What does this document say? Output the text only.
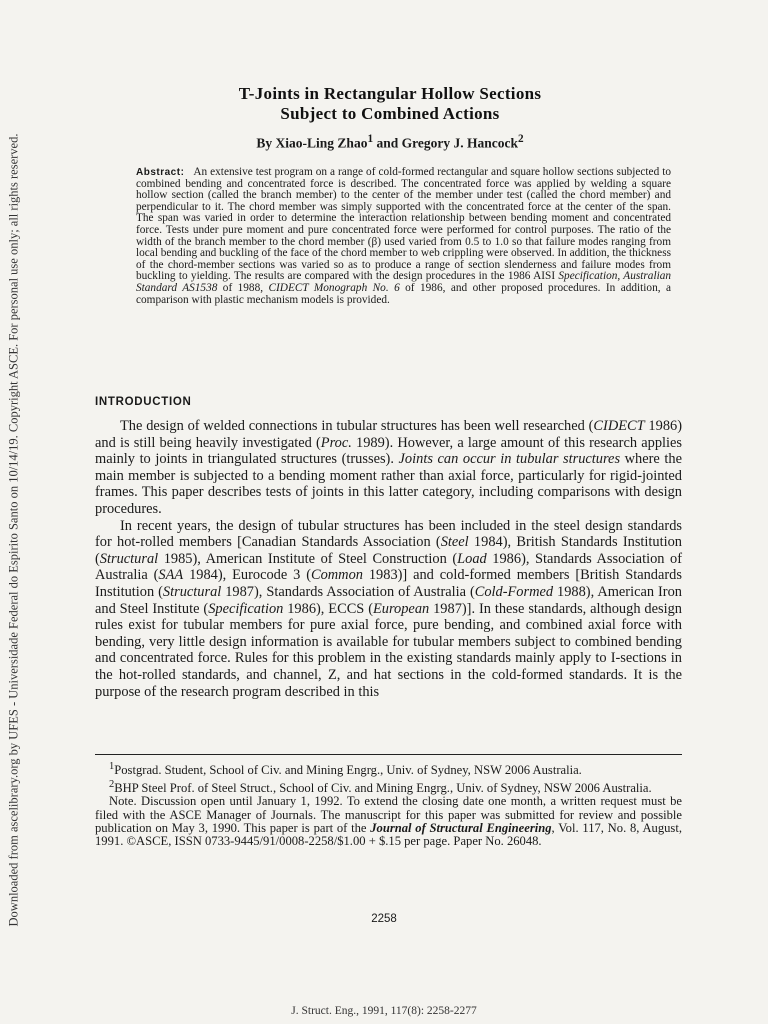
Downloaded from ascelibrary.org by UFES - Universidade Federal do Espirito Santo on 10/14/19. Copyright ASCE. For personal use only; all rights reserved.
T-Joints in Rectangular Hollow Sections
Subject to Combined Actions
By Xiao-Ling Zhao$^1$ and Gregory J. Hancock$^2$
Abstract: An extensive test program on a range of cold-formed rectangular and square hollow sections subjected to combined bending and concentrated force is described. The concentrated force was applied by welding a square hollow section (called the branch member) to the center of the member under test (called the chord member) and perpendicular to it. The chord member was simply supported with the concentrated force at the center of the span. The span was varied in order to determine the interaction relationship between bending moment and concentrated force. Tests under pure moment and pure concentrated force were performed for control purposes. The ratio of the width of the branch member to the chord member (β) used varied from 0.5 to 1.0 so that failure modes ranging from local bending and buckling of the face of the chord member to web crippling were observed. In addition, the thickness of the chord-member sections was varied so as to produce a range of section slenderness and failure modes from buckling to yielding. The results are compared with the design procedures in the 1986 AISI Specification, Australian Standard AS1538 of 1988, CIDECT Monograph No. 6 of 1986, and other proposed procedures. In addition, a comparison with plastic mechanism models is provided.
INTRODUCTION

The design of welded connections in tubular structures has been well researched (CIDECT 1986) and is still being heavily investigated (Proc. 1989). However, a large amount of this research applies mainly to joints in triangulated structures (trusses). Joints can occur in tubular structures where the main member is subjected to a bending moment rather than axial force, particularly for rigid-jointed frames. This paper describes tests of joints in this latter category, including comparisons with design procedures.

In recent years, the design of tubular structures has been included in the steel design standards for hot-rolled members [Canadian Standards Association (Steel 1984), British Standards Institution (Structural 1985), American Institute of Steel Construction (Load 1986), Standards Association of Australia (SAA 1984), Eurocode 3 (Common 1983)] and cold-formed members [British Standards Institution (Structural 1987), Standards Association of Australia (Cold-Formed 1988), American Iron and Steel Institute (Specification 1986), ECCS (European 1987)]. In these standards, although design rules exist for tubular members for pure axial force, pure bending, and combined axial force with bending, very little design information is available for tubular members subject to combined bending and concentrated force. Rules for this problem in the existing standards mainly apply to I-sections in the hot-rolled standards, and channel, Z, and hat sections in the cold-formed standards. It is the purpose of the research program described in this

$^1$Postgrad. Student, School of Civ. and Mining Engrg., Univ. of Sydney, NSW 2006 Australia.

$^2$BHP Steel Prof. of Steel Struct., School of Civ. and Mining Engrg., Univ. of Sydney, NSW 2006 Australia.

Note. Discussion open until January 1, 1992. To extend the closing date one month, a written request must be filed with the ASCE Manager of Journals. The manuscript for this paper was submitted for review and possible publication on May 3, 1990. This paper is part of the Journal of Structural Engineering, Vol. 117, No. 8, August, 1991. ©ASCE, ISSN 0733-9445/91/0008-2258/$1.00 + $.15 per page. Paper No. 26048.

2258
J. Struct. Eng., 1991, 117(8): 2258-2277
